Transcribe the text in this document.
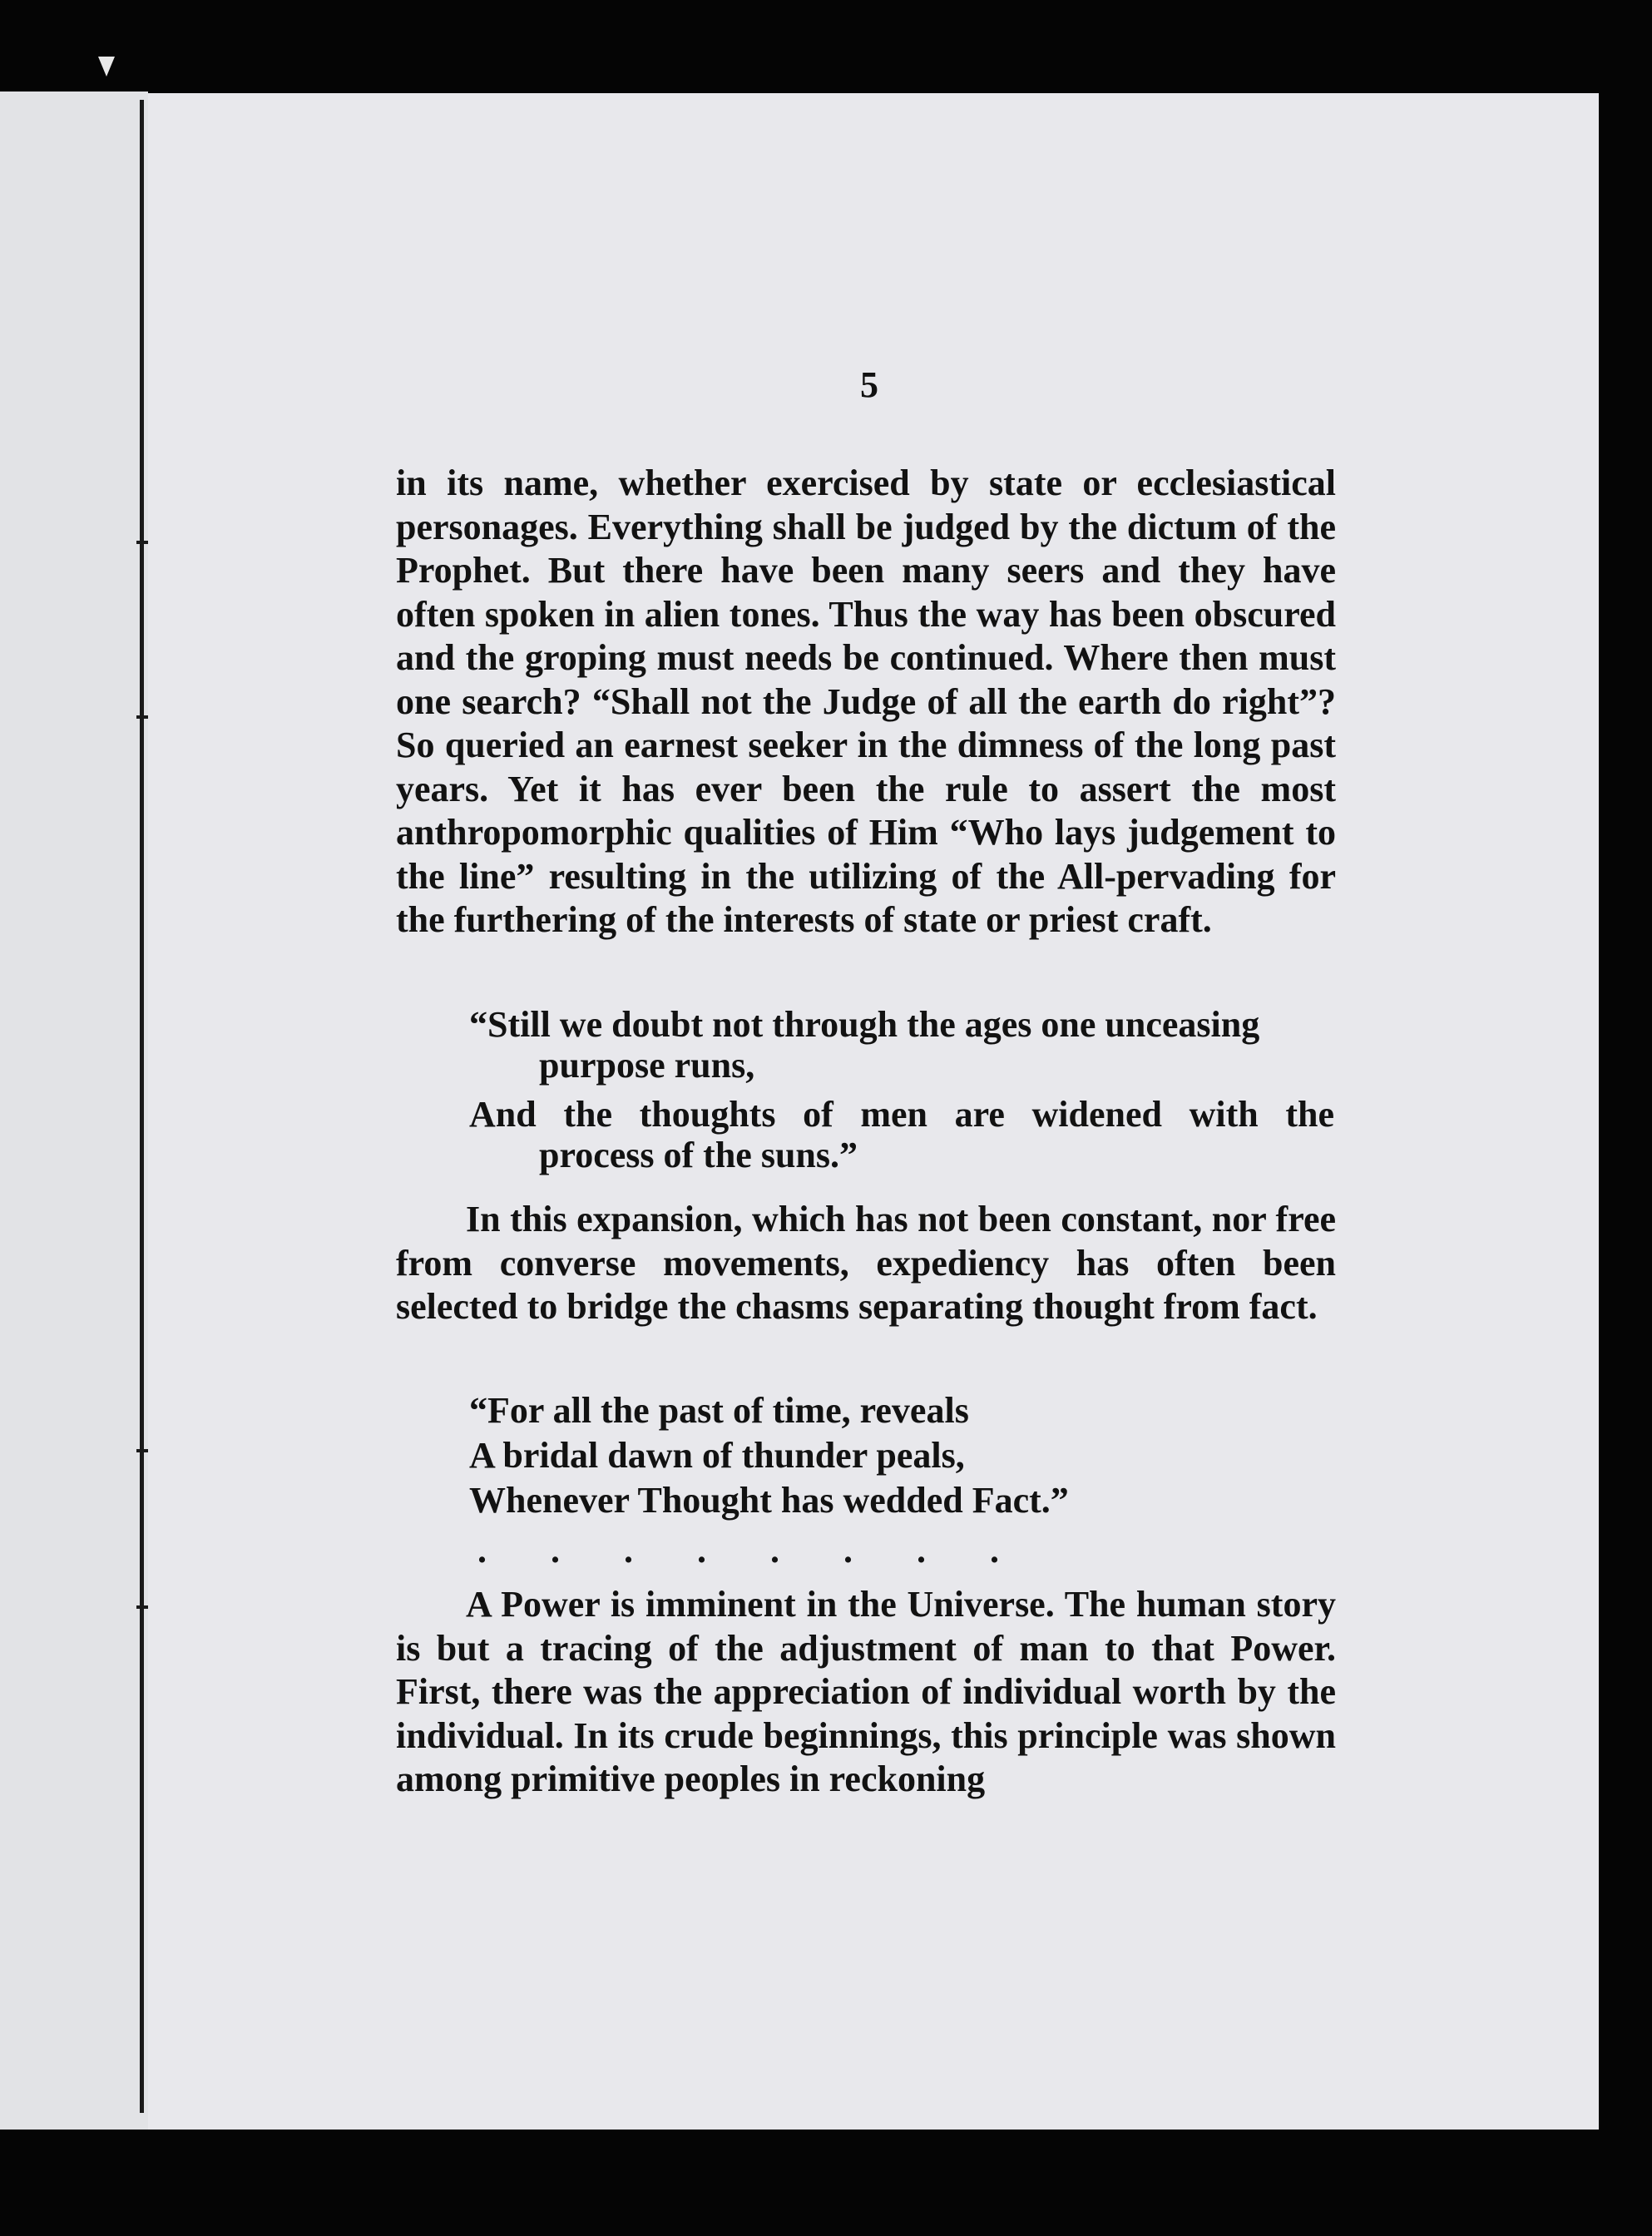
5

in its name, whether exercised by state or ecclesiastical personages. Everything shall be judged by the dictum of the Prophet. But there have been many seers and they have often spoken in alien tones. Thus the way has been obscured and the groping must needs be continued. Where then must one search? “Shall not the Judge of all the earth do right”? So queried an earnest seeker in the dimness of the long past years. Yet it has ever been the rule to assert the most anthropomorphic qualities of Him “Who lays judgement to the line” resulting in the utilizing of the All-pervading for the furthering of the interests of state or priest craft.

“Still we doubt not through the ages one unceasing
purpose runs,
And the thoughts of men are widened with the
process of the suns.”

In this expansion, which has not been constant, nor free from converse movements, expediency has often been selected to bridge the chasms separating thought from fact.

“For all the past of time, reveals
A bridal dawn of thunder peals,
Whenever Thought has wedded Fact.”
.       .       .       .       .       .       .       .

A Power is imminent in the Universe. The human story is but a tracing of the adjustment of man to that Power. First, there was the appreciation of individual worth by the individual. In its crude beginnings, this principle was shown among primitive peoples in reckoning
